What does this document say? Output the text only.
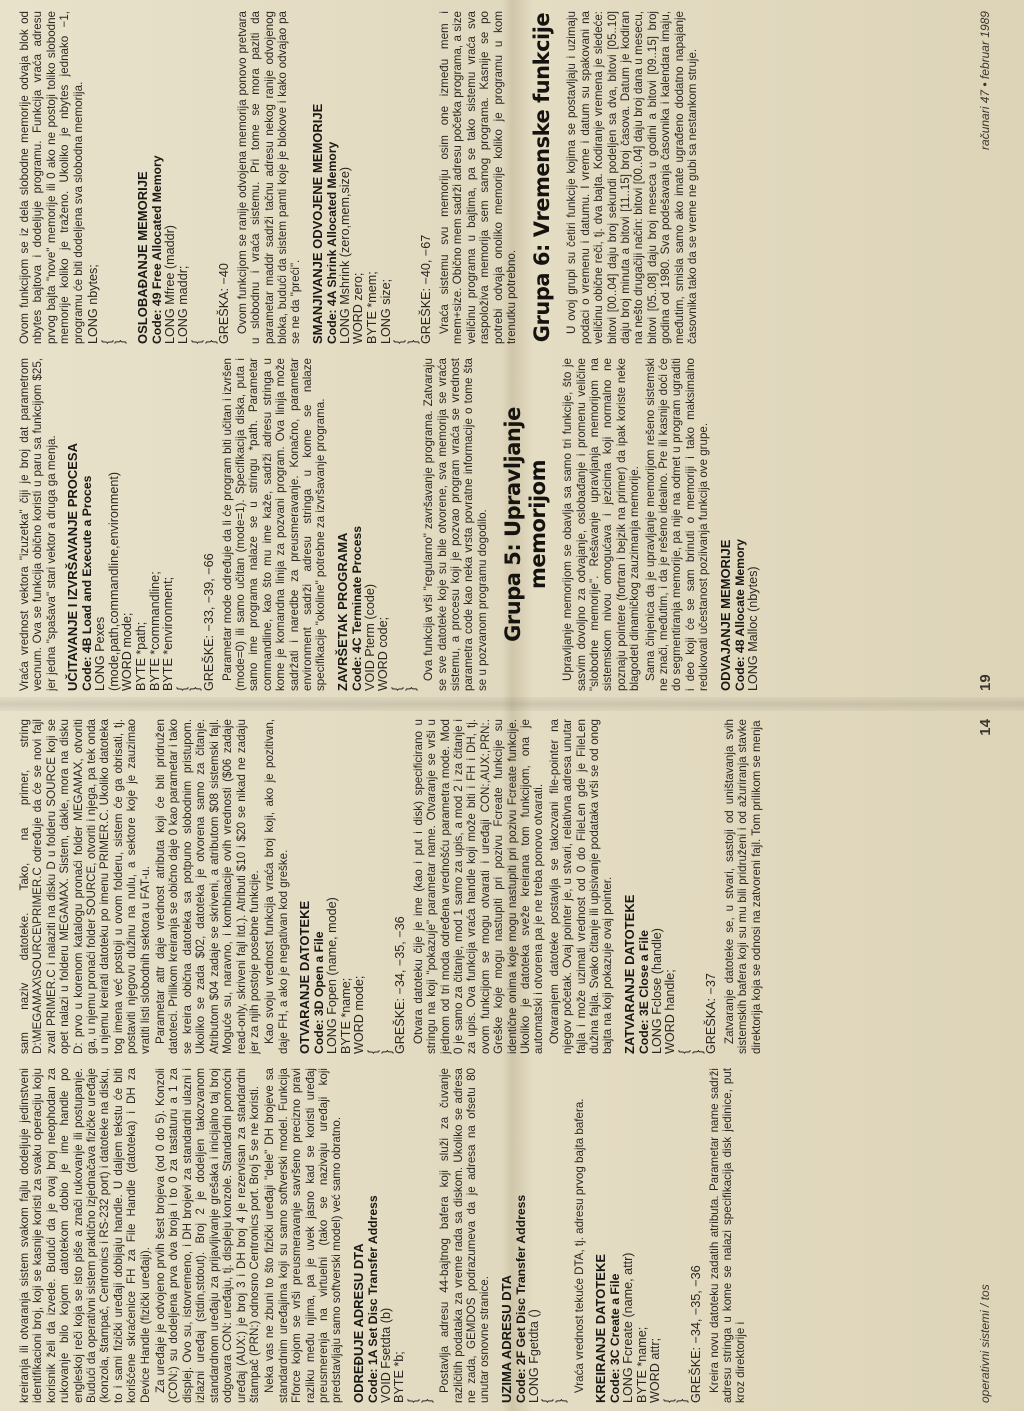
kreiranja ili otvaranja sistem svakom fajlu dodeljuje jedinstveni identifikacioni broj, koji se kasnije koristi za svaku operaciju koju korisnik želi da izvede. Budući da je ovaj broj neophodan za rukovanje bilo kojom datotekom dobio je ime handle po engleskoj reči koja se isto piše a znači rukovanje ili postupanje. Budući da operativni sistem praktično izjednačava fizičke uređaje (konzola, štampač, Centronics i RS-232 port) i datoteke na disku, to i sami fizički uređaji dobijaju handle. U daljem tekstu će biti korišćene skraćenice FH za File Handle (datoteka) i DH za Device Handle (fizički uređaji). Za uređaje je odvojeno prvih šest brojeva (od 0 do 5). Konzoli (CON:) su dodeljena prva dva broja i to 0 za tastaturu a 1 za displej. Ovo su, istovremeno, i DH brojevi za standardni ulazni i izlazni uređaj (stdin,stdout). Broj 2 je dodeljen takozvanom standardnom uređaju za prijavljivanje grešaka i inicijalno taj broj odgovara CON: uređaju, tj. displeju konzole. Standardni pomoćni uređaj (AUX:) je broj 3 i DH broj 4 je rezervisan za standardni štampač (PRN:) odnosno Centronics port. Broj 5 se ne koristi. Neka vas ne zbuni to što fizički uređaji "dele" DH brojeve sa standardnim uređajima koji su samo softverski model. Funkcija Fforce kojom se vrši preusmeravanje savršeno precizno pravi razliku među njima, pa je uvek jasno kad se koristi uređaj preusmerenja na virtuelni (tako se nazivaju uređaji koji predstavljaju samo softverski model) već samo obratno. ODREĐUJE ADRESU DTA Code: 1A Set Disc Transfer Address VOID Fsetdta (b)
BYTE *b;
{
}

Postavlja adresu 44-bajtnog bafera koji služi za čuvanje različitih podataka za vreme rada sa diskom. Ukoliko se adresa ne zada, GEMDOS podrazumeva da je adresa na ofsetu 80 unutar osnovne stranice. UZIMA ADRESU DTA Code: 2F Get Disc Transfer Address LONG Fgetdta ()
{
}

Vraća vrednost tekuće DTA, tj. adresu prvog bajta bafera. KREIRANJE DATOTEKE Code: 3C Create a File LONG Fcreate (name, attr)
BYTE *name;
WORD attr;
{
}
GREŠKE: −34, −35, −36 Kreira novu datoteku zadatih atributa. Parametar name sadrži adresu stringa u kome se nalazi specifikacija disk jedinice, put kroz direktorije i

sam naziv datoteke. Tako, na primer, string D:\MEGAMAX\SOURCE\PRIMER.C određuje da će se novi fajl zvati PRIMER.C i nalaziti na disku D u folderu SOURCE koji se opet nalazi u folderu MEGAMAX. Sistem, dakle, mora na disku D: prvo u korenom katalogu pronaći folder MEGAMAX, otvoriti ga, u njemu pronaći folder SOURCE, otvoriti i njega, pa tek onda u njemu kreirati datoteku po imenu PRIMER.C. Ukoliko datoteka tog imena već postoji u ovom folderu, sistem će ga obrisati, tj. postaviti njegovu dužinu na nulu, a sektore koje je zauzimao vratiti listi slobodnih sektora u FAT-u. Parametar attr daje vrednost atributa koji će biti pridružen datoteci. Prilikom kreiranja se obično daje 0 kao parametar i tako se kreira obična datoteka sa potpuno slobodnim pristupom. Ukoliko se zada $02, datoteka je otvorena samo za čitanje. Atributom $04 zadaje se skriveni, a atributom $08 sistemski fajl. Moguće su, naravno, i kombinacije ovih vrednosti ($06 zadaje read-only, skriveni fajl itd.). Atributi $10 i $20 se nikad ne zadaju jer za njih postoje posebne funkcije. Kao svoju vrednost funkcija vraća broj koji, ako je pozitivan, daje FH, a ako je negativan kod greške. OTVARANJE DATOTEKE Code: 3D Open a File LONG Fopen (name, mode)
BYTE *name;
WORD mode;
{
}
GREŠKE: −34, −35, −36 Otvara datoteku čije je ime (kao i put i disk) specificirano u stringu na koji "pokazuje" parametar name. Otvaranje se vrši u jednom od tri moda određena vrednošću parametra mode. Mod 0 je samo za čitanje, mod 1 samo za upis, a mod 2 i za čitanje i za upis. Ova funkcija vraća handle koji može biti i FH i DH, tj. ovom funkcijom se mogu otvarati i uređaji CON:,AUX:,PRN:. Greške koje mogu nastupiti pri pozivu Fcreate funkcije su identične onima koje mogu nastupiti pri pozivu Fcreate funkcije. Ukoliko je datoteka sveže kreirana tom funkcijom, ona je automatski i otvorena pa je ne treba ponovo otvarati. Otvaranjem datoteke postavlja se takozvani file-pointer na njegov početak. Ovaj pointer je, u stvari, relativna adresa unutar fajla i može uzimati vrednost od 0 do FileLen gde je FileLen dužina fajla. Svako čitanje ili upisivanje podataka vrši se od onog bajta na koji pokazuje ovaj pointer. ZATVARANJE DATOTEKE Code: 3E Close a File LONG Fclose (handle)
WORD handle;
{
}
GREŠKA: −37 Zatvaranje datoteke se, u stvari, sastoji od uništavanja svih sistemskih bafera koji su mu bili pridruženi i od ažuriranja stavke direktorija koja se odnosi na zatvoreni fajl. Tom prilikom se menja

operativni sistemi / tos
14

Vraća vrednost vektora "izuzetka" čiji je broj dat parametrom vecnum. Ova se funkcija obično koristi u paru sa funkcijom $25, jer jedna "spašava" stari vektor a druga ga menja. UČITAVANJE I IZVRŠAVANJE PROCESA Code: 4B Load and Execute a Proces LONG Pexes
(mode,path,commandline,environment)
WORD mode;
BYTE *path;
BYTE *commandline;
BYTE *environment;
{
}
GREŠKE: −33, −39, −66 Parametar mode određuje da li će program biti učitan i izvršen (mode=0) ili samo učitan (mode=1). Specifikacija diska, puta i samo ime programa nalaze se u stringu *path. Parametar commandline, kao što mu ime kaže, sadrži adresu stringa u kome je komandna linija za pozvani program. Ova linija može sadržati i naredbe za preusmeravanje. Konačno, parametar environment sadrži adresu stringa u kome se nalaze specifikacije "okoline" potrebne za izvršavanje programa. ZAVRŠETAK PROGRAMA Code: 4C Terminate Process VOID Pterm (code)
WORD code;
{
}

Ova funkcija vrši "regularno" završavanje programa. Zatvaraju se sve datoteke koje su bile otvorene, sva memorija se vraća sistemu, a procesu koji je pozvao program vraća se vrednost parametra code kao neka vrsta povratne informacije o tome šta se u pozvanom programu dogodilo. Grupa 5: Upravljanje memorijom Upravljanje memorijom se obavlja sa samo tri funkcije, što je sasvim dovoljno za odvajanje, oslobađanje i promenu veličine "slobodne memorije". Rešavanje upravljanja memorijom na sistemskom nivou omogućava i jezicima koji normalno ne poznaju pointere (fortran i bejzik na primer) da ipak koriste neke blagodeti dinamičkog zauzimanja memorije. Sama činjenica da je upravljanje memorijom rešeno sistemski ne znači, međutim, i da je rešeno idealno. Pre ili kasnije doći će do segmentiranja memorije, pa nije na odmet u program ugraditi i deo koji će se sam brinuti o memoriji i tako maksimalno redukovati učestanost poziivanja funkcija ove grupe. ODVAJANJE MEMORIJE Code: 48 Allocate Memory LONG Malloc (nbytes)

Ovom funkcijom se iz dela slobodne memorije odvaja blok od nbytes bajtova i dodeljuje programu. Funkcija vraća adresu prvog bajta "nove" memorije ili 0 ako ne postoji toliko slobodne memorije koliko je traženo. Ukoliko je nbytes jednako −1, programu će biti dodeljena sva slobodna memorija. LONG nbytes;
{
} OSLOBAĐANJE MEMORIJE Code: 49 Free Allocated Memory LONG Mfree (maddr)
LONG maddr;
{
}
GREŠKA: −40 Ovom funkcijom se ranije odvojena memorija ponovo pretvara u slobodnu i vraća sistemu. Pri tome se mora paziti da parametar maddr sadrži tačnu adresu nekog ranije odvojenog bloka, budući da sistem pamti koje je blokove i kako odvajao pa se ne da "preći". SMANJIVANJE ODVOJENE MEMORIJE Code: 4A Shrink Allocated Memory LONG Mshrink (zero,mem,size)
WORD zero;
BYTE *mem;
LONG size;
{
}
GREŠKE: −40, −67 Vraća sistemu svu memoriju osim one između mem i mem+size. Obično mem sadrži adresu početka programa, a size veličinu programa u bajtima, pa se tako sistemu vraća sva raspoloživa memorija sem samog programa. Kasnije se po potrebi odvaja onoliko memorije koliko je programu u kom trenutku potrebno. Grupa 6: Vremenske funkcije U ovoj grupi su četiri funkcije kojima se postavljaju i uzimaju podaci o vremenu i datumu. I vreme i datum su spakovani na veličinu obične reči, tj. dva bajta. Kodiranje vremena je sledeće: bitovi [00..04] daju broj sekundi podeljen sa dva, bitovi [05..10] daju broj minuta a bitovi [11..15] broj časova. Datum je kodiran na nešto drugačiji način: bitovi [00..04] daju broj dana u mesecu, bitovi [05..08] daju broj meseca u godini a bitovi [09..15] broj godina od 1980. Sva podešavanja časovnika i kalendara imaju, međutim, smisla samo ako imate ugrađeno dodatno napajanje časovnika tako da se vreme ne gubi sa nestankom struje.

19
računari 47 • februar 1989
